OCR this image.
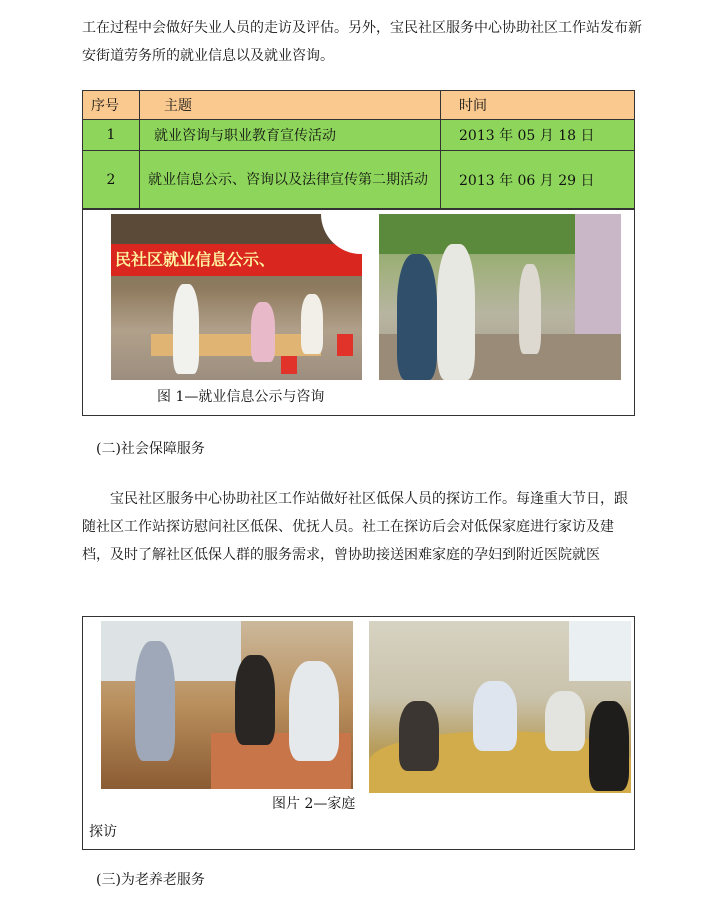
工在过程中会做好失业人员的走访及评估。另外，宝民社区服务中心协助社区工作站发布新安街道劳务所的就业信息以及就业咨询。

序号	主题	时间
1	就业咨询与职业教育宣传活动	2013 年 05 月 18 日
2	就业信息公示、咨询以及法律宣传第二期活动	2013 年 06 月 29 日
民社区就业信息公示、
图 1—就业信息公示与咨询
(二)社会保障服务

宝民社区服务中心协助社区工作站做好社区低保人员的探访工作。每逢重大节日，跟随社区工作站探访慰问社区低保、优抚人员。社工在探访后会对低保家庭进行家访及建档，及时了解社区低保人群的服务需求，曾协助接送困难家庭的孕妇到附近医院就医

图片 2—家庭
探访
(三)为老养老服务
